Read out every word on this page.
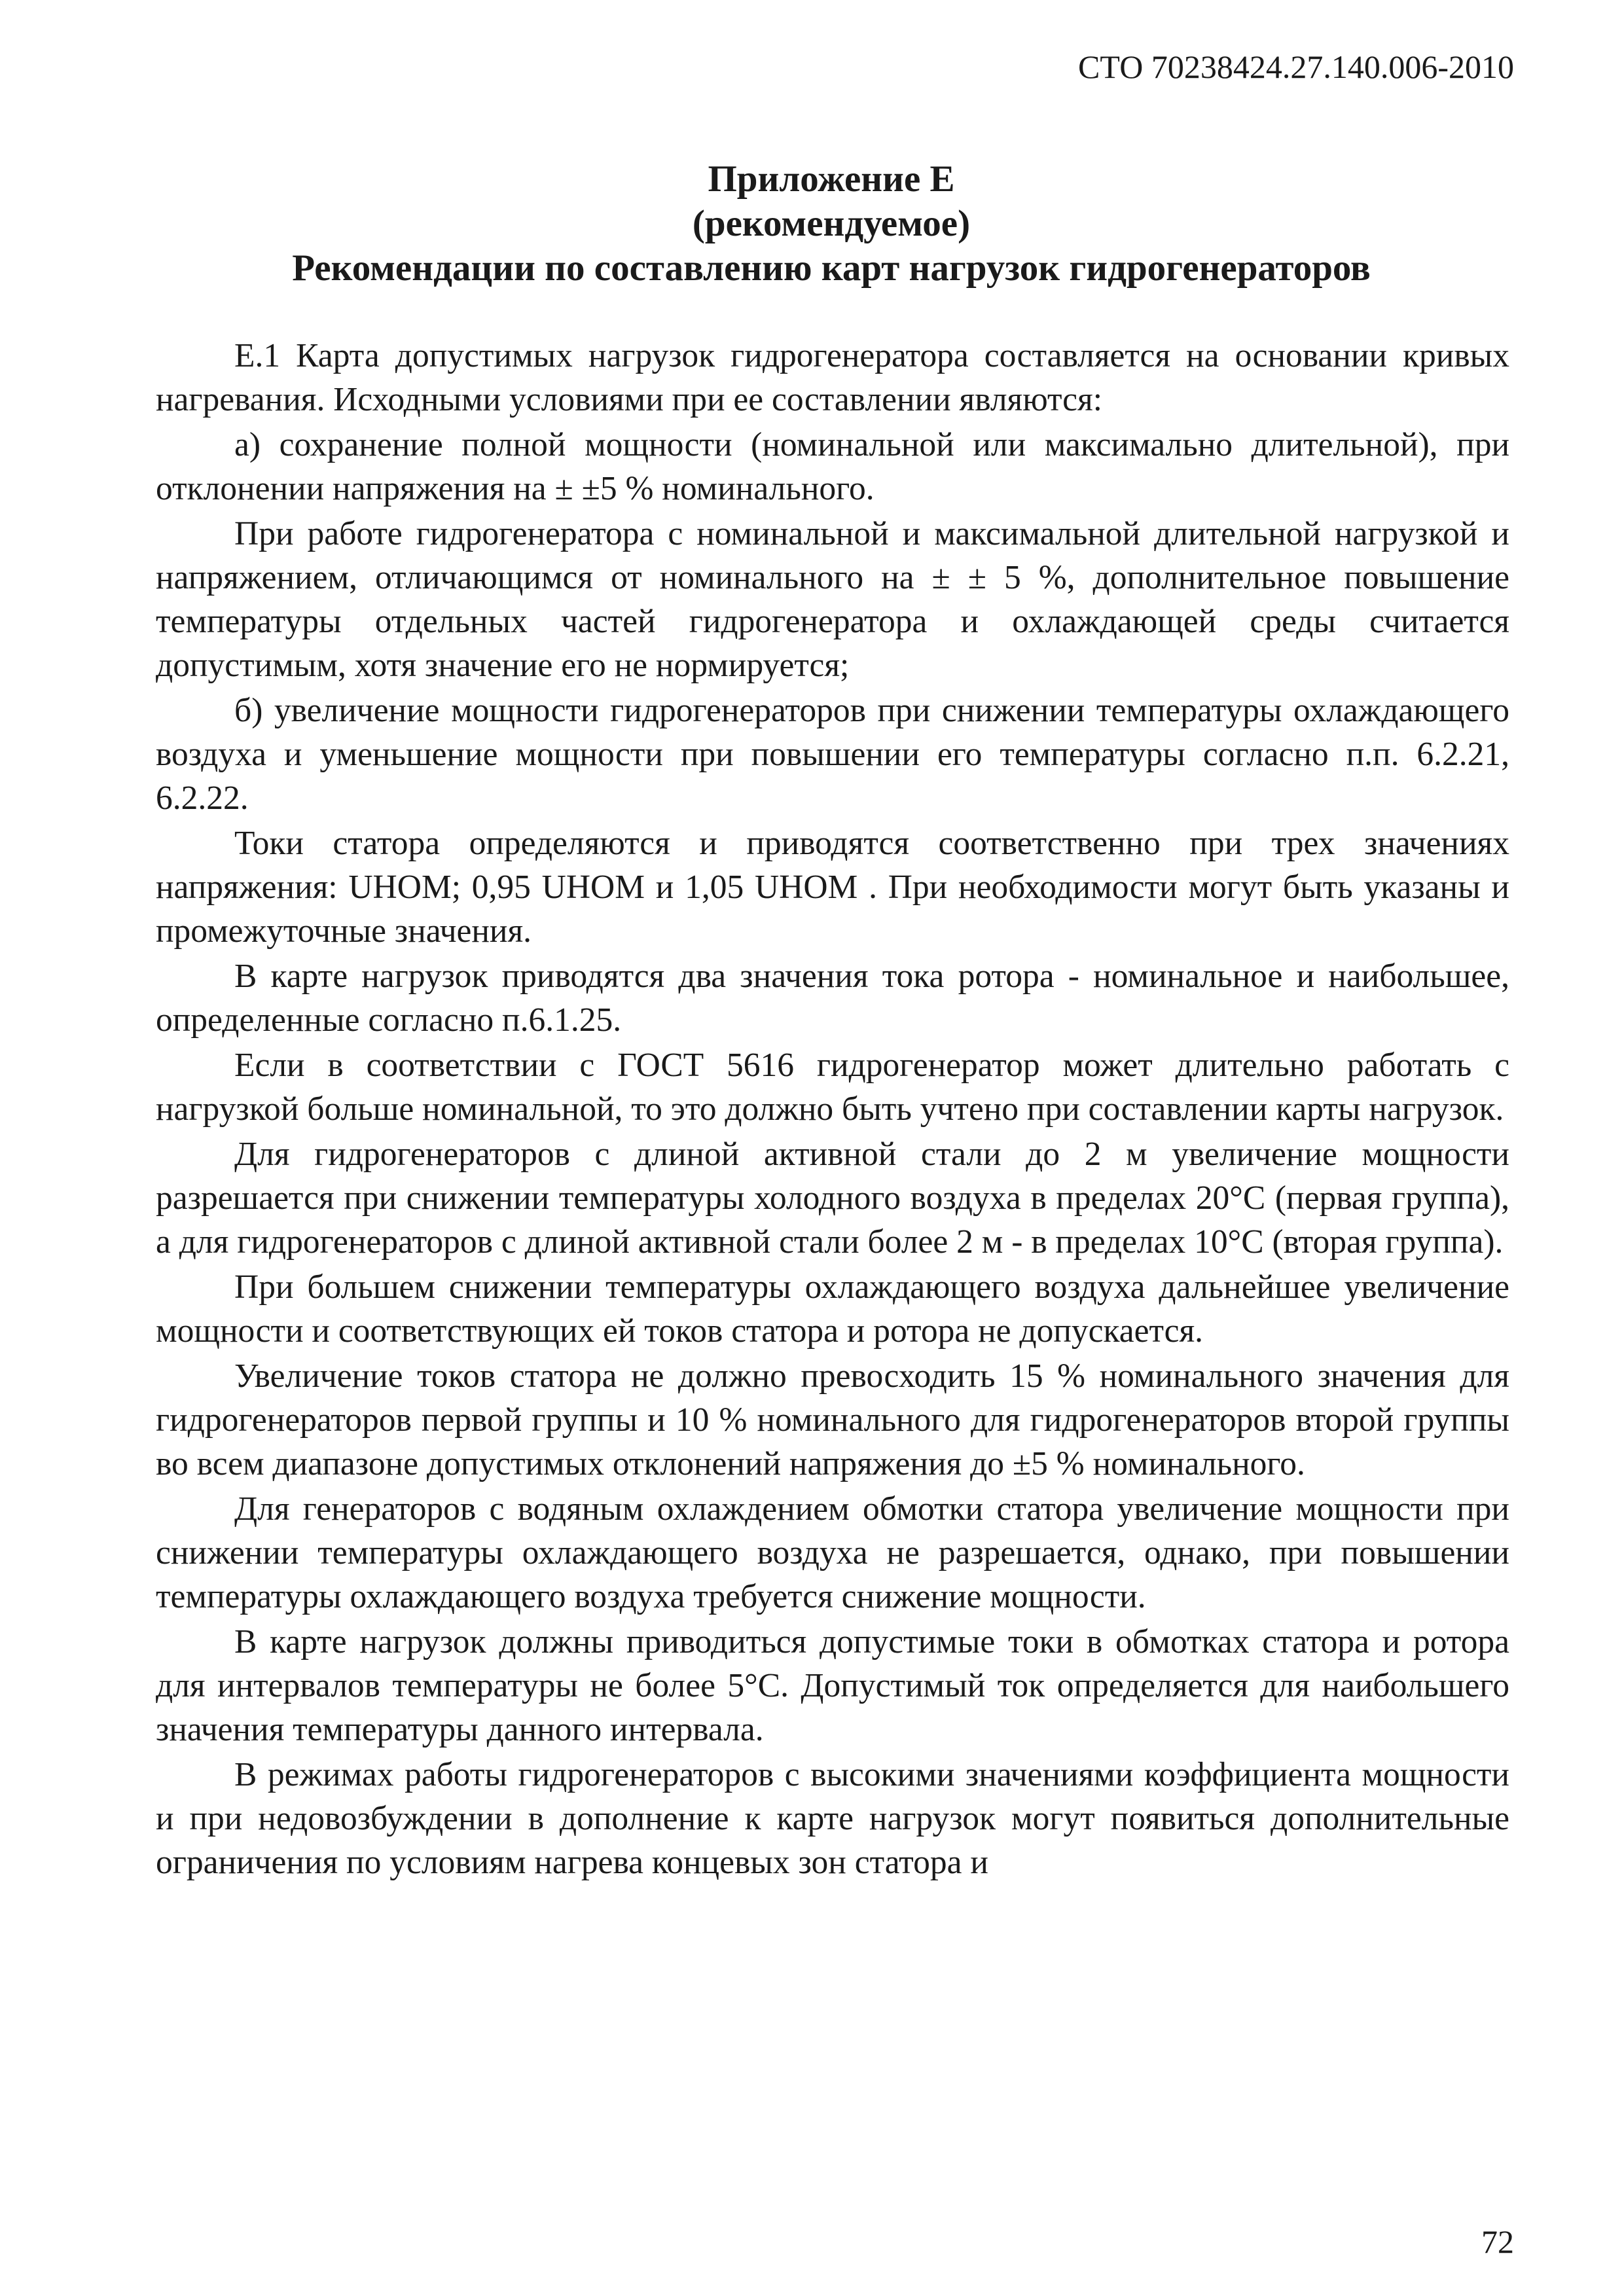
СТО 70238424.27.140.006-2010
Приложение Е
(рекомендуемое)
Рекомендации по составлению карт нагрузок гидрогенераторов

Е.1 Карта допустимых нагрузок гидрогенератора составляется на основании кривых нагревания. Исходными условиями при ее составлении являются:

а) сохранение полной мощности (номинальной или максимально длительной), при отклонении напряжения на ± ±5 % номинального.

При работе гидрогенератора с номинальной и максимальной длительной нагрузкой и напряжением, отличающимся от номинального на ± ± 5 %, дополнительное повышение температуры отдельных частей гидрогенератора и охлаждающей среды считается допустимым, хотя значение его не нормируется;

б) увеличение мощности гидрогенераторов при снижении температуры охлаждающего воздуха и уменьшение мощности при повышении его температуры согласно п.п. 6.2.21, 6.2.22.

Токи статора определяются и приводятся соответственно при трех значениях напряжения: UНОМ; 0,95 UНОМ и 1,05 UНОМ . При необходимости могут быть указаны и промежуточные значения.

В карте нагрузок приводятся два значения тока ротора - номинальное и наибольшее, определенные согласно п.6.1.25.

Если в соответствии с ГОСТ 5616 гидрогенератор может длительно работать с нагрузкой больше номинальной, то это должно быть учтено при составлении карты нагрузок.

Для гидрогенераторов с длиной активной стали до 2 м увеличение мощности разрешается при снижении температуры холодного воздуха в пределах 20°С (первая группа), а для гидрогенераторов с длиной активной стали более 2 м - в пределах 10°С (вторая группа).

При большем снижении температуры охлаждающего воздуха дальнейшее увеличение мощности и соответствующих ей токов статора и ротора не допускается.

Увеличение токов статора не должно превосходить 15 % номинального значения для гидрогенераторов первой группы и 10 % номинального для гидрогенераторов второй группы во всем диапазоне допустимых отклонений напряжения до ±5 % номинального.

Для генераторов с водяным охлаждением обмотки статора увеличение мощности при снижении температуры охлаждающего воздуха не разрешается, однако, при повышении температуры охлаждающего воздуха требуется снижение мощности.

В карте нагрузок должны приводиться допустимые токи в обмотках статора и ротора для интервалов температуры не более 5°С. Допустимый ток определяется для наибольшего значения температуры данного интервала.

В режимах работы гидрогенераторов с высокими значениями коэффициента мощности и при недовозбуждении в дополнение к карте нагрузок могут появиться дополнительные ограничения по условиям нагрева концевых зон статора и

72
